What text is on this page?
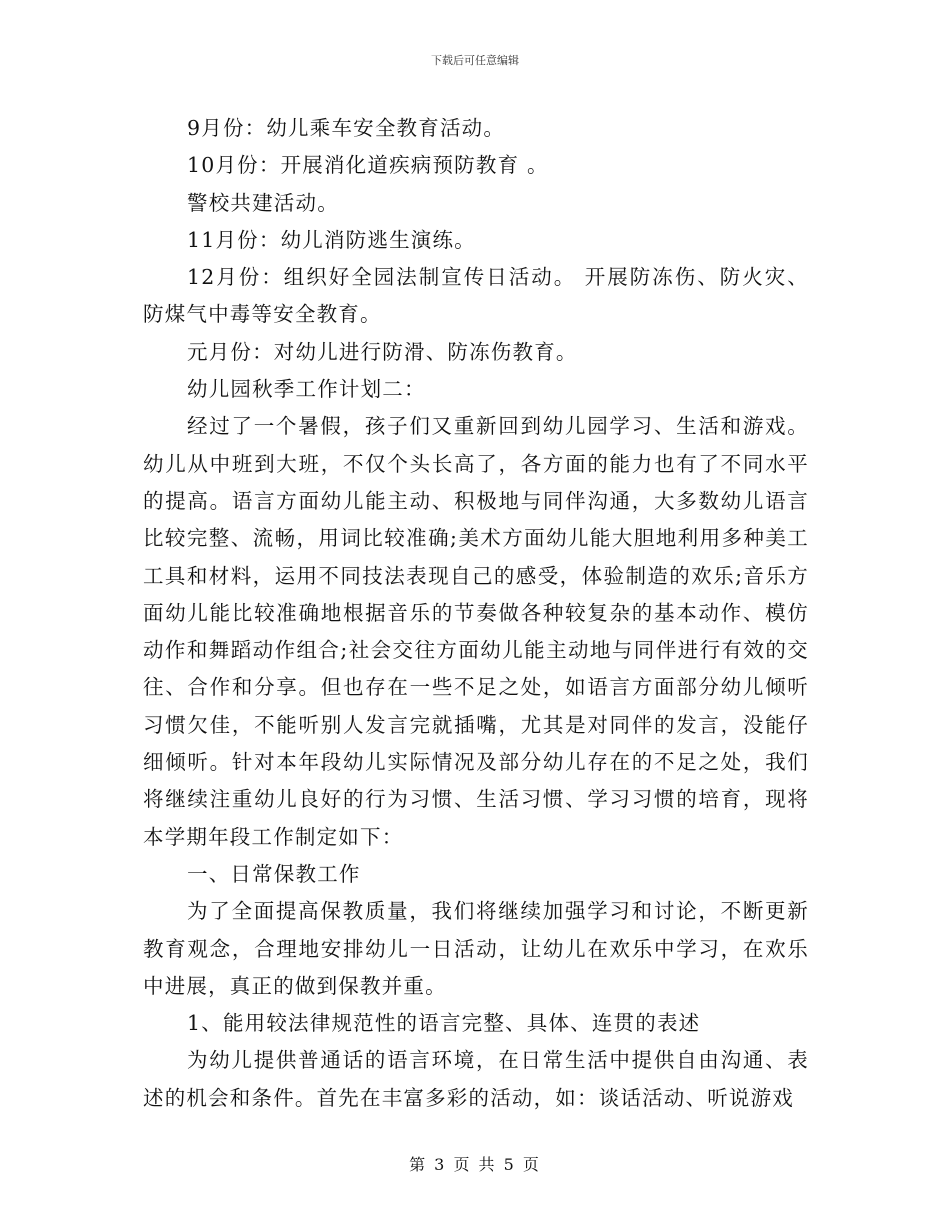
下载后可任意编辑

9月份：幼儿乘车安全教育活动。

10月份：开展消化道疾病预防教育 。

警校共建活动。

11月份：幼儿消防逃生演练。

12月份：组织好全园法制宣传日活动。 开展防冻伤、防火灾、防煤气中毒等安全教育。

元月份：对幼儿进行防滑、防冻伤教育。

幼儿园秋季工作计划二：

经过了一个暑假，孩子们又重新回到幼儿园学习、生活和游戏。幼儿从中班到大班，不仅个头长高了，各方面的能力也有了不同水平的提高。语言方面幼儿能主动、积极地与同伴沟通，大多数幼儿语言比较完整、流畅，用词比较准确;美术方面幼儿能大胆地利用多种美工工具和材料，运用不同技法表现自己的感受，体验制造的欢乐;音乐方面幼儿能比较准确地根据音乐的节奏做各种较复杂的基本动作、模仿动作和舞蹈动作组合;社会交往方面幼儿能主动地与同伴进行有效的交往、合作和分享。但也存在一些不足之处，如语言方面部分幼儿倾听习惯欠佳，不能听别人发言完就插嘴，尤其是对同伴的发言，没能仔细倾听。针对本年段幼儿实际情况及部分幼儿存在的不足之处，我们将继续注重幼儿良好的行为习惯、生活习惯、学习习惯的培育，现将本学期年段工作制定如下：

一、日常保教工作

为了全面提高保教质量，我们将继续加强学习和讨论，不断更新教育观念，合理地安排幼儿一日活动，让幼儿在欢乐中学习，在欢乐中进展，真正的做到保教并重。

1、能用较法律规范性的语言完整、具体、连贯的表述

为幼儿提供普通话的语言环境，在日常生活中提供自由沟通、表述的机会和条件。首先在丰富多彩的活动，如：谈话活动、听说游戏

第 3 页 共 5 页
